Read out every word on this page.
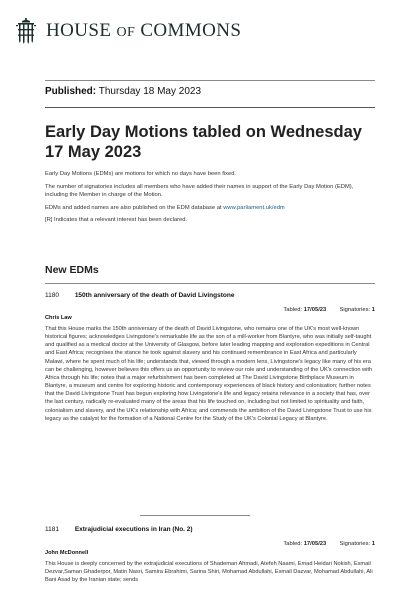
HOUSE OF COMMONS
Published: Thursday 18 May 2023
Early Day Motions tabled on Wednesday 17 May 2023

Early Day Motions (EDMs) are motions for which no days have been fixed.

The number of signatories includes all members who have added their names in support of the Early Day Motion (EDM), including the Member in charge of the Motion.

EDMs and added names are also published on the EDM database at www.parliament.uk/edm

[R] Indicates that a relevant interest has been declared.

New EDMs
1180 150th anniversary of the death of David Livingstone
Tabled: 17/05/23 Signatories: 1
Chris Law

That this House marks the 150th anniversary of the death of David Livingstone, who remains one of the UK's most well-known historical figures; acknowledges Livingstone's remarkable life as the son of a mill-worker from Blantyre, who was initially self-taught and qualified as a medical doctor at the University of Glasgow, before later leading mapping and exploration expeditions in Central and East Africa; recognises the stance he took against slavery and his continued remembrance in East Africa and particularly Malawi, where he spent much of his life; understands that, viewed through a modern lens, Livingstone's legacy like many of his era can be challenging, however believes this offers us an opportunity to review our role and understanding of the UK's connection with Africa through his life; notes that a major refurbishment has been completed at The David Livingstone Birthplace Museum in Blantyre, a museum and centre for exploring historic and contemporary experiences of black history and colonisation; further notes that the David Livingstone Trust has begun exploring how Livingstone's life and legacy retains relevance in a society that has, over the last century, radically re-evaluated many of the areas that his life touched on, including but not limited to spirituality and faith, colonialism and slavery, and the UK's relationship with Africa; and commends the ambition of the David Livingstone Trust to use his legacy as the catalyst for the formation of a National Centre for the Study of the UK's Colonial Legacy at Blantyre.

1181 Extrajudicial executions in Iran (No. 2)
Tabled: 17/05/23 Signatories: 1
John McDonnell

This House is deeply concerned by the extrajudicial executions of Shademan Ahmadi, Atefeh Naami, Emad Heidari Nokish, Esmail Dezvar,Saman Ghaderpor, Matin Nasri, Samira Ebrahimi, Sarina Shiri, Mohamad Abdullahi, Esmail Dazvar, Mohamad Abdullahi, Ali Bani Asad by the Iranian state; sends
